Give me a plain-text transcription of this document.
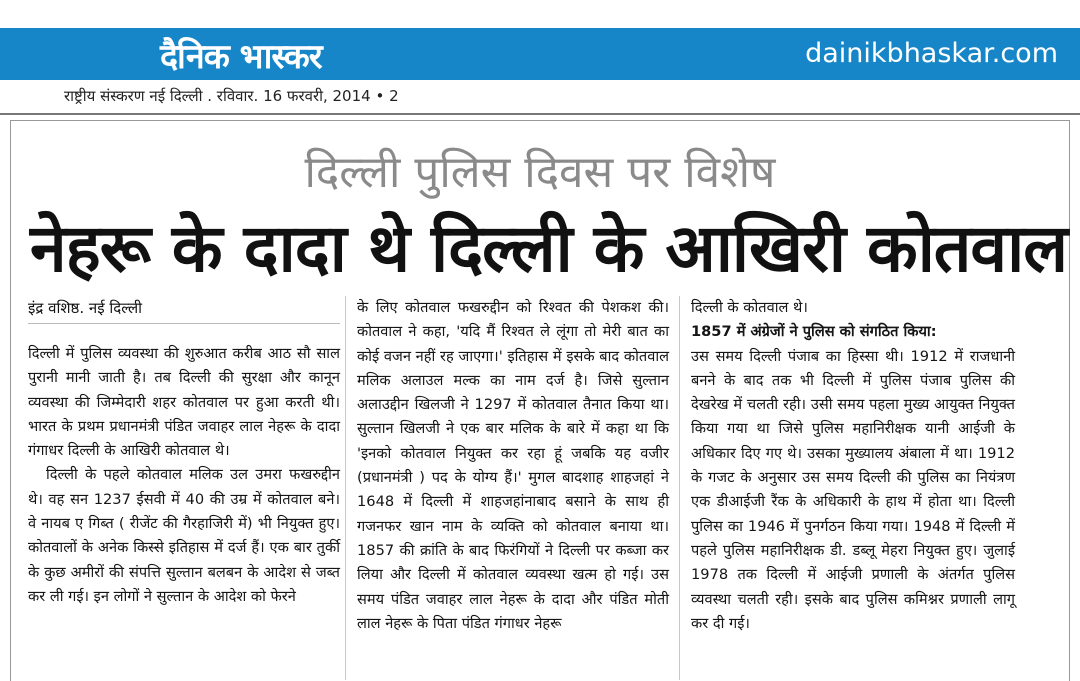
दैनिक भास्कर	dainikbhaskar.com
राष्ट्रीय संस्करण नई दिल्ली . रविवार. 16 फरवरी, 2014 • 2
दिल्ली पुलिस दिवस पर विशेष
नेहरू के दादा थे दिल्ली के आखिरी कोतवाल
इंद्र वशिष्ठ. नई दिल्ली

दिल्ली में पुलिस व्यवस्था की शुरुआत करीब आठ सौ साल पुरानी मानी जाती है। तब दिल्ली की सुरक्षा और कानून व्यवस्था की जिम्मेदारी शहर कोतवाल पर हुआ करती थी। भारत के प्रथम प्रधानमंत्री पंडित जवाहर लाल नेहरू के दादा गंगाधर दिल्ली के आखिरी कोतवाल थे।

दिल्ली के पहले कोतवाल मलिक उल उमरा फखरुद्दीन थे। वह सन 1237 ईसवी में 40 की उम्र में कोतवाल बने। वे नायब ए गिब्त ( रीजेंट की गैरहाजिरी में) भी नियुक्त हुए। कोतवालों के अनेक किस्से इतिहास में दर्ज हैं। एक बार तुर्की के कुछ अमीरों की संपत्ति सुल्तान बलबन के आदेश से जब्त कर ली गई। इन लोगों ने सुल्तान के आदेश को फेरने

के लिए कोतवाल फखरुद्दीन को रिश्वत की पेशकश की। कोतवाल ने कहा, 'यदि मैं रिश्वत ले लूंगा तो मेरी बात का कोई वजन नहीं रह जाएगा।' इतिहास में इसके बाद कोतवाल मलिक अलाउल मल्क का नाम दर्ज है। जिसे सुल्तान अलाउद्दीन खिलजी ने 1297 में कोतवाल तैनात किया था। सुल्तान खिलजी ने एक बार मलिक के बारे में कहा था कि 'इनको कोतवाल नियुक्त कर रहा हूं जबकि यह वजीर (प्रधानमंत्री ) पद के योग्य हैं।' मुगल बादशाह शाहजहां ने 1648 में दिल्ली में शाहजहांनाबाद बसाने के साथ ही गजनफर खान नाम के व्यक्ति को कोतवाल बनाया था। 1857 की क्रांति के बाद फिरंगियों ने दिल्ली पर कब्जा कर लिया और दिल्ली में कोतवाल व्यवस्था खत्म हो गई। उस समय पंडित जवाहर लाल नेहरू के दादा और पंडित मोती लाल नेहरू के पिता पंडित गंगाधर नेहरू

दिल्ली के कोतवाल थे।

1857 में अंग्रेजों ने पुलिस को संगठित किया:

उस समय दिल्ली पंजाब का हिस्सा थी। 1912 में राजधानी बनने के बाद तक भी दिल्ली में पुलिस पंजाब पुलिस की देखरेख में चलती रही। उसी समय पहला मुख्य आयुक्त नियुक्त किया गया था जिसे पुलिस महानिरीक्षक यानी आईजी के अधिकार दिए गए थे। उसका मुख्यालय अंबाला में था। 1912 के गजट के अनुसार उस समय दिल्ली की पुलिस का नियंत्रण एक डीआईजी रैंक के अधिकारी के हाथ में होता था। दिल्ली पुलिस का 1946 में पुनर्गठन किया गया। 1948 में दिल्ली में पहले पुलिस महानिरीक्षक डी. डब्लू मेहरा नियुक्त हुए। जुलाई 1978 तक दिल्ली में आईजी प्रणाली के अंतर्गत पुलिस व्यवस्था चलती रही। इसके बाद पुलिस कमिश्नर प्रणाली लागू कर दी गई।
